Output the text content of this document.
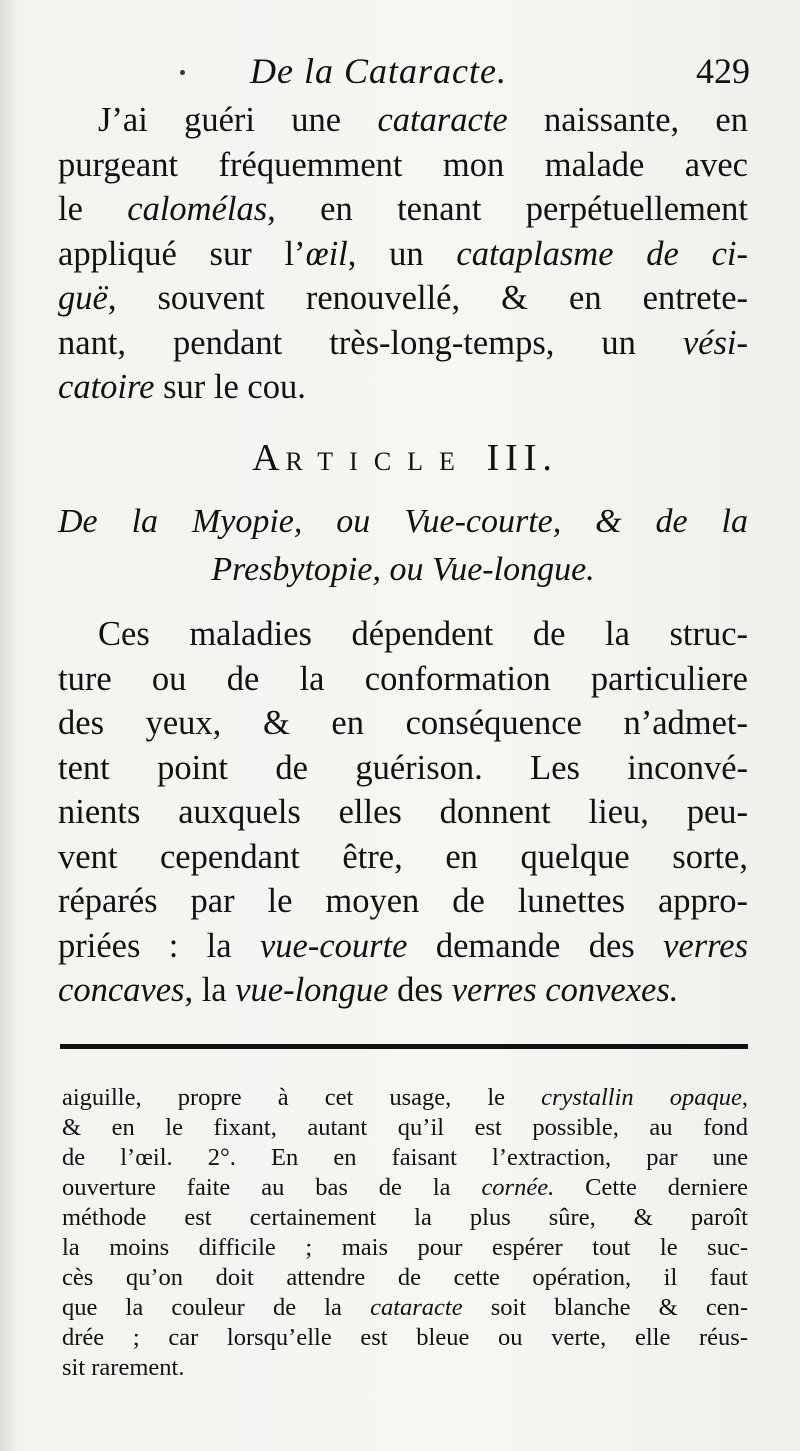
De la Cataracte.	429
J’ai guéri une cataracte naissante, en
purgeant fréquemment mon malade avec
le calomélas, en tenant perpétuellement
appliqué sur l’œil, un cataplasme de ci-
guë, souvent renouvellé, & en entrete-
nant, pendant très-long-temps, un vési-
catoire sur le cou.
ARTICLE III.
De la Myopie, ou Vue-courte, & de la
Presbytopie, ou Vue-longue.
Ces maladies dépendent de la struc-
ture ou de la conformation particuliere
des yeux, & en conséquence n’admet-
tent point de guérison. Les inconvé-
nients auxquels elles donnent lieu, peu-
vent cependant être, en quelque sorte,
réparés par le moyen de lunettes appro-
priées : la vue-courte demande des verres
concaves, la vue-longue des verres convexes.
aiguille, propre à cet usage, le crystallin opaque,
& en le fixant, autant qu’il est possible, au fond
de l’œil. 2°. En en faisant l’extraction, par une
ouverture faite au bas de la cornée. Cette derniere
méthode est certainement la plus sûre, & paroît
la moins difficile ; mais pour espérer tout le suc-
cès qu’on doit attendre de cette opération, il faut
que la couleur de la cataracte soit blanche & cen-
drée ; car lorsqu’elle est bleue ou verte, elle réus-
sit rarement.
